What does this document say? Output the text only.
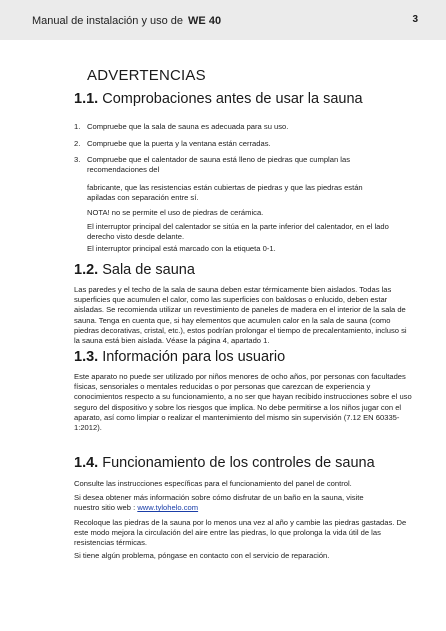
Manual de instalación y uso de WE 40	3
ADVERTENCIAS
1.1. Comprobaciones antes de usar la sauna
1. Compruebe que la sala de sauna es adecuada para su uso.
2. Compruebe que la puerta y la ventana están cerradas.
3. Compruebe que el calentador de sauna está lleno de piedras que cumplan las recomendaciones del
fabricante, que las resistencias están cubiertas de piedras y que las piedras están apiladas con separación entre sí.
NOTA! no se permite el uso de piedras de cerámica.
El interruptor principal del calentador se sitúa en la parte inferior del calentador, en el lado derecho visto desde delante.
El interruptor principal está marcado con la etiqueta 0-1.
1.2. Sala de sauna
Las paredes y el techo de la sala de sauna deben estar térmicamente bien aislados. Todas las superficies que acumulen el calor, como las superficies con baldosas o enlucido, deben estar aisladas. Se recomienda utilizar un revestimiento de paneles de madera en el interior de la sala de sauna. Tenga en cuenta que, si hay elementos que acumulen calor en la sala de sauna (como piedras decorativas, cristal, etc.), estos podrían prolongar el tiempo de precalentamiento, incluso si la sauna está bien aislada. Véase la página 4, apartado 1.
1.3. Información para los usuario
Este aparato no puede ser utilizado por niños menores de ocho años, por personas con facultades físicas, sensoriales o mentales reducidas o por personas que carezcan de experiencia y conocimientos respecto a su funcionamiento, a no ser que hayan recibido instrucciones sobre el uso seguro del dispositivo y sobre los riesgos que implica. No debe permitirse a los niños jugar con el aparato, así como limpiar o realizar el mantenimiento del mismo sin supervisión (7.12 EN 60335-1:2012).
1.4. Funcionamiento de los controles de sauna
Consulte las instrucciones específicas para el funcionamiento del panel de control.
Si desea obtener más información sobre cómo disfrutar de un baño en la sauna, visite nuestro sitio web : www.tylohelo.com
Recoloque las piedras de la sauna por lo menos una vez al año y cambie las piedras gastadas. De este modo mejora la circulación del aire entre las piedras, lo que prolonga la vida útil de las resistencias térmicas.
Si tiene algún problema, póngase en contacto con el servicio de reparación.
